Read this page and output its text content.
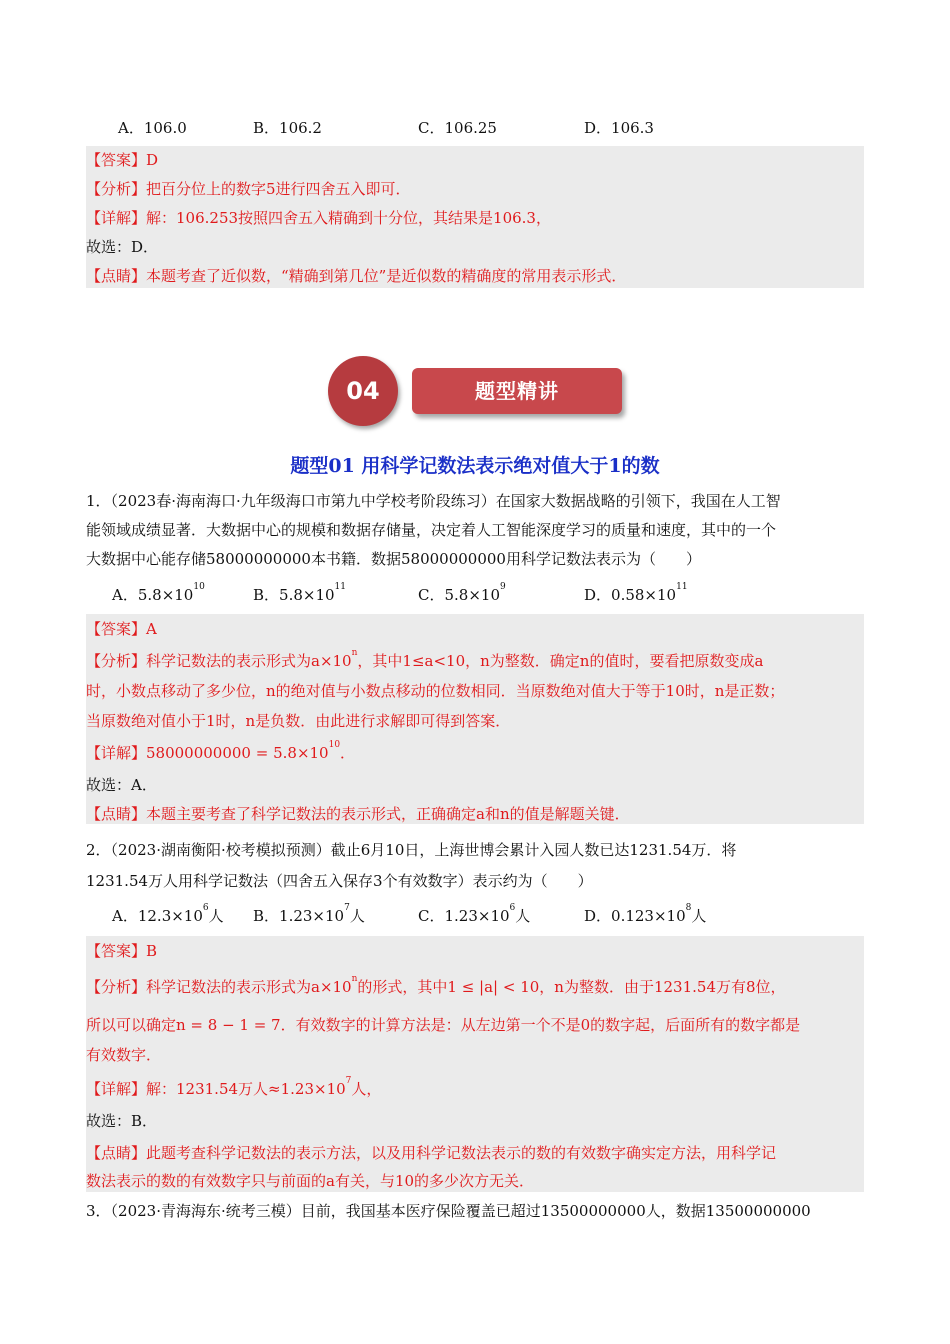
A．106.0	B．106.2	C．106.25	D．106.3
【答案】D
【分析】把百分位上的数字5进行四舍五入即可．
【详解】解：106.253按照四舍五入精确到十分位，其结果是106.3，
故选：D．
【点睛】本题考查了近似数，“精确到第几位”是近似数的精确度的常用表示形式．
04	题型精讲
题型01 用科学记数法表示绝对值大于1的数
1．（2023春·海南海口·九年级海口市第九中学校考阶段练习）在国家大数据战略的引领下，我国在人工智
能领域成绩显著．大数据中心的规模和数据存储量，决定着人工智能深度学习的质量和速度，其中的一个
大数据中心能存储58000000000本书籍．数据58000000000用科学记数法表示为（　　）
A．$5.8\times 10^{10}$	B．$5.8\times 10^{11}$	C．$5.8\times 10^9$	D．$0.58\times 10^{11}$
【答案】A
【分析】科学记数法的表示形式为$a\times 10^n$，其中1≤a<10，n为整数．确定n的值时，要看把原数变成a
时，小数点移动了多少位，n的绝对值与小数点移动的位数相同．当原数绝对值大于等于10时，n是正数；
当原数绝对值小于1时，n是负数．由此进行求解即可得到答案．
【详解】$58000000000 = 5.8\times 10^{10}$．
故选：A．
【点睛】本题主要考查了科学记数法的表示形式，正确确定a和n的值是解题关键．
2．（2023·湖南衡阳·校考模拟预测）截止6月10日，上海世博会累计入园人数已达1231.54万．将
1231.54万人用科学记数法（四舍五入保存3个有效数字）表示约为（　　）
A．$12.3\times 10^6$人 B．$1.23\times 10^7$人	C．$1.23\times 10^6$人	D．$0.123\times 10^8$人
【答案】B
【分析】科学记数法的表示形式为$a\times 10^n$的形式，其中1 ≤ |a| < 10，n为整数．由于1231.54万有8位，
所以可以确定n = 8 − 1 = 7．有效数字的计算方法是：从左边第一个不是0的数字起，后面所有的数字都是
有效数字．
【详解】解：1231.54万人$\approx 1.23\times 10^7$人，
故选：B．
【点睛】此题考查科学记数法的表示方法，以及用科学记数法表示的数的有效数字确实定方法，用科学记
数法表示的数的有效数字只与前面的a有关，与10的多少次方无关．
3．（2023·青海海东·统考三模）目前，我国基本医疗保险覆盖已超过13500000000人，数据13500000000
